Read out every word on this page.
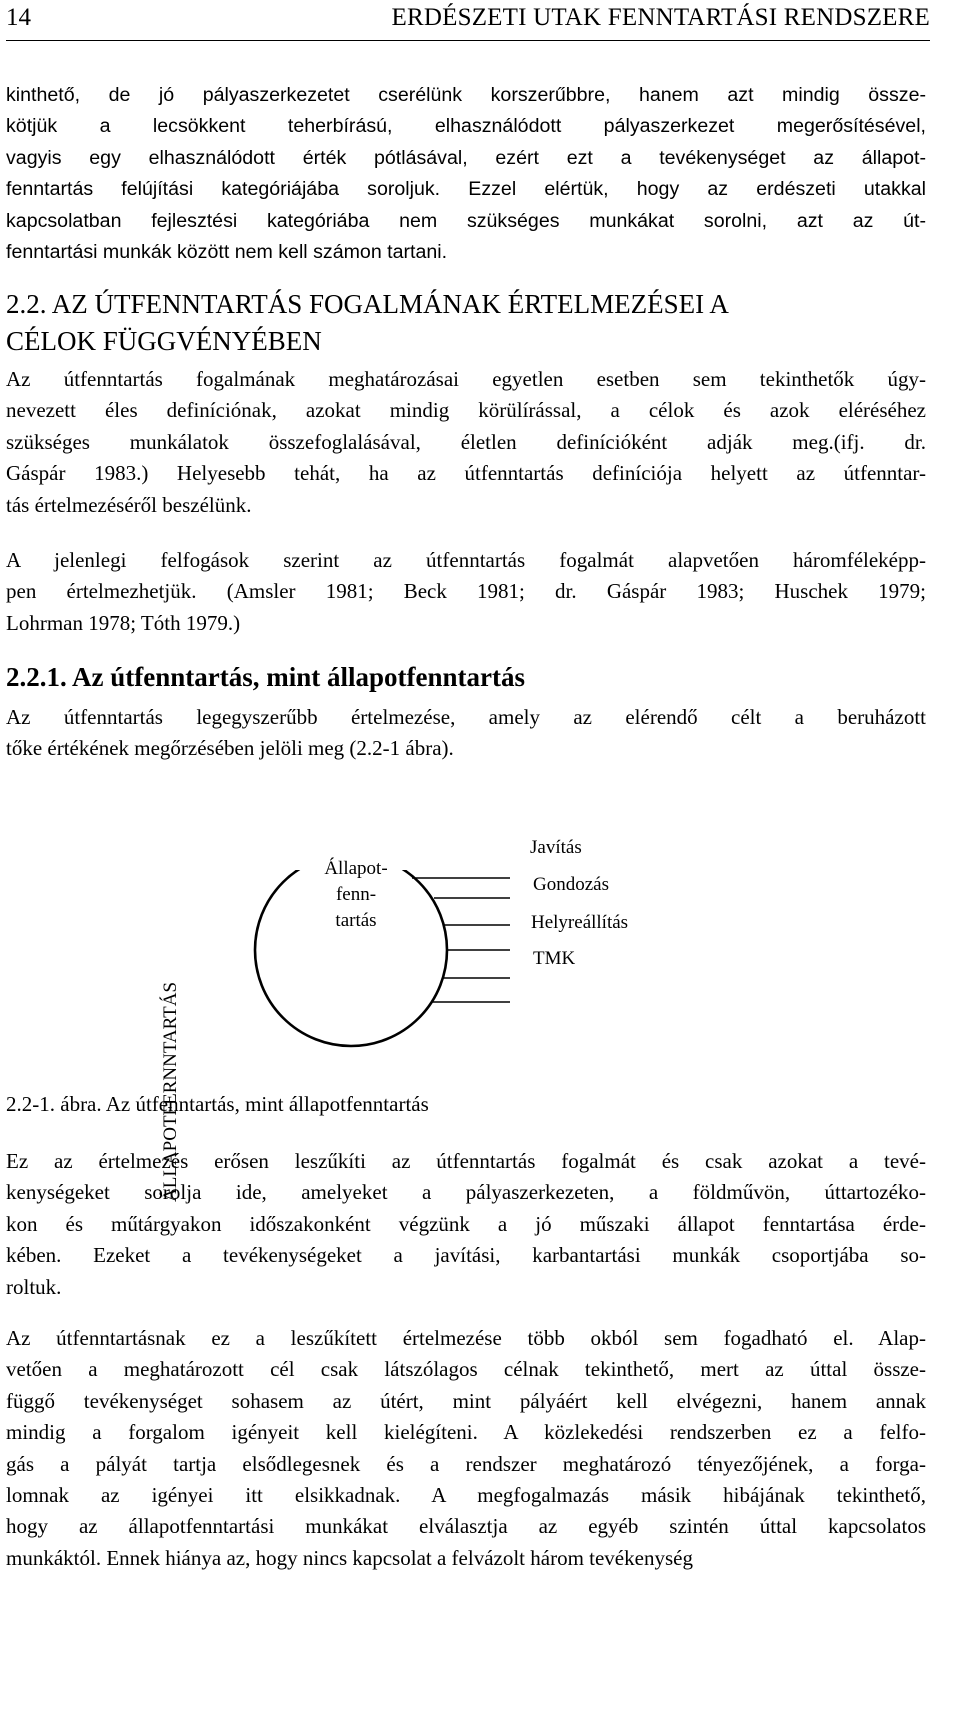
14	ERDÉSZETI UTAK FENNTARTÁSI RENDSZERE
kinthető, de jó pályaszerkezetet cserélünk korszerűbbre, hanem azt mindig össze-
kötjük a lecsökkent teherbírású, elhasználódott pályaszerkezet megerősítésével,
vagyis egy elhasználódott érték pótlásával, ezért ezt a tevékenységet az állapot-
fenntartás felújítási kategóriájába soroljuk. Ezzel elértük, hogy az erdészeti utakkal
kapcsolatban fejlesztési kategóriába nem szükséges munkákat sorolni, azt az út-
fenntartási munkák között nem kell számon tartani.
2.2. AZ ÚTFENNTARTÁS FOGALMÁNAK ÉRTELMEZÉSEI A
CÉLOK FÜGGVÉNYÉBEN
Az útfenntartás fogalmának meghatározásai egyetlen esetben sem tekinthetők úgy-
nevezett éles definíciónak, azokat mindig körülírással, a célok és azok eléréséhez
szükséges munkálatok összefoglalásával, életlen definícióként adják meg.(ifj. dr.
Gáspár 1983.) Helyesebb tehát, ha az útfenntartás definíciója helyett az útfenntar-
tás értelmezéséről beszélünk.
A jelenlegi felfogások szerint az útfenntartás fogalmát alapvetően háromféleképp-
pen értelmezhetjük. (Amsler 1981; Beck 1981; dr. Gáspár 1983; Huschek 1979;
Lohrman 1978; Tóth 1979.)
2.2.1. Az útfenntartás, mint állapotfenntartás
Az útfenntartás legegyszerűbb értelmezése, amely az elérendő célt a beruházott
tőke értékének megőrzésében jelöli meg (2.2-1 ábra).
ÁLLAPOTFERNNTARTÁS
Állapot-
fenn-
tartás
Javítás
Gondozás
Helyreállítás
TMK
2.2-1. ábra. Az útfenntartás, mint állapotfenntartás
Ez az értelmezés erősen leszűkíti az útfenntartás fogalmát és csak azokat a tevé-
kenységeket sorolja ide, amelyeket a pályaszerkezeten, a földművön, úttartozéko-
kon és műtárgyakon időszakonként végzünk a jó műszaki állapot fenntartása érde-
kében. Ezeket a tevékenységeket a javítási, karbantartási munkák csoportjába so-
roltuk.
Az útfenntartásnak ez a leszűkített értelmezése több okból sem fogadható el. Alap-
vetően a meghatározott cél csak látszólagos célnak tekinthető, mert az úttal össze-
függő tevékenységet sohasem az útért, mint pályáért kell elvégezni, hanem annak
mindig a forgalom igényeit kell kielégíteni. A közlekedési rendszerben ez a felfo-
gás a pályát tartja elsődlegesnek és a rendszer meghatározó tényezőjének, a forga-
lomnak az igényei itt elsikkadnak. A megfogalmazás másik hibájának tekinthető,
hogy az állapotfenntartási munkákat elválasztja az egyéb szintén úttal kapcsolatos
munkáktól. Ennek hiánya az, hogy nincs kapcsolat a felvázolt három tevékenység
